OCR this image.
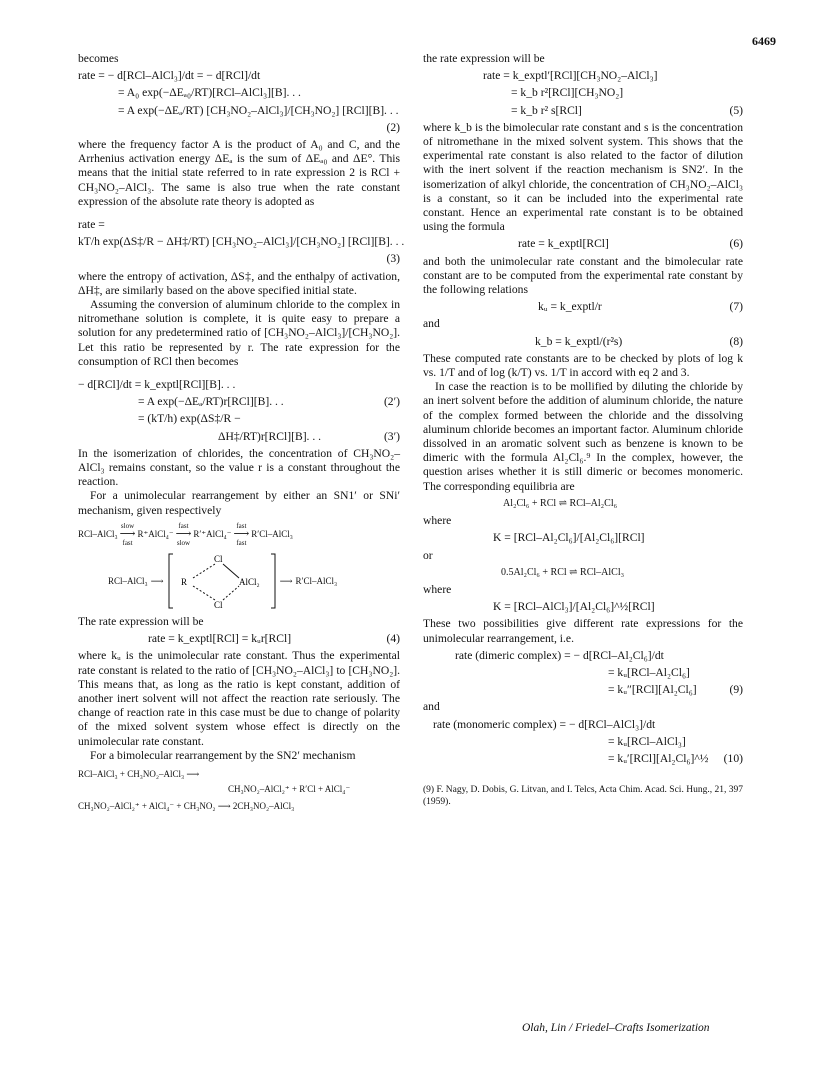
6469

becomes

rate = − d[RCl–AlCl₃]/dt = − d[RCl]/dt
= A₀ exp(−ΔEₐ₀/RT)[RCl–AlCl₃][B]. . .
= A exp(−ΔEₐ/RT) [CH₃NO₂–AlCl₃]/[CH₃NO₂] [RCl][B]. . .
(2)

where the frequency factor A is the product of A₀ and C, and the Arrhenius activation energy ΔEₐ is the sum of ΔEₐ₀ and ΔE°. This means that the initial state referred to in rate expression 2 is RCl + CH₃NO₂–AlCl₃. The same is also true when the rate constant expression of the absolute rate theory is adopted as

rate =
kT/h exp(ΔS‡/R − ΔH‡/RT) [CH₃NO₂–AlCl₃]/[CH₃NO₂] [RCl][B]. . .
(3)

where the entropy of activation, ΔS‡, and the enthalpy of activation, ΔH‡, are similarly based on the above specified initial state.

Assuming the conversion of aluminum chloride to the complex in nitromethane solution is complete, it is quite easy to prepare a solution for any predetermined ratio of [CH₃NO₂–AlCl₃]/[CH₃NO₂]. Let this ratio be represented by r. The rate expression for the consumption of RCl then becomes

− d[RCl]/dt = k_exptl[RCl][B]. . .
= A exp(−ΔEₐ/RT)r[RCl][B]. . .	(2′)
= (kT/h) exp(ΔS‡/R −
ΔH‡/RT)r[RCl][B]. . .	(3′)

In the isomerization of chlorides, the concentration of CH₃NO₂–AlCl₃ remains constant, so the value r is a constant throughout the reaction.

For a unimolecular rearrangement by either an SN1′ or SNi′ mechanism, given respectively

RCl–AlCl₃
slow
⟶
fast
R⁺AlCl₄⁻
fast
⟶
slow
R′⁺AlCl₄⁻
fast
⟶
fast
R′Cl–AlCl₃
RCl–AlCl₃ ⟶
Cl
R	AlCl₂
Cl
⟶ R′Cl–AlCl₃

The rate expression will be

rate = k_exptl[RCl] = kᵤr[RCl]	(4)

where kᵤ is the unimolecular rate constant. Thus the experimental rate constant is related to the ratio of [CH₃NO₂–AlCl₃] to [CH₃NO₂]. This means that, as long as the ratio is kept constant, addition of another inert solvent will not affect the reaction rate seriously. The change of reaction rate in this case must be due to change of polarity of the mixed solvent system whose effect is directly on the unimolecular rate constant.

For a bimolecular rearrangement by the SN2′ mechanism

RCl–AlCl₃ + CH₃NO₂–AlCl₃ ⟶
CH₃NO₂–AlCl₂⁺ + R′Cl + AlCl₄⁻
CH₃NO₂–AlCl₂⁺ + AlCl₄⁻ + CH₃NO₂ ⟶ 2CH₃NO₂–AlCl₃

the rate expression will be

rate = k_exptl′[RCl][CH₃NO₂–AlCl₃]
= k_b r²[RCl][CH₃NO₂]
= k_b r² s[RCl]	(5)

where k_b is the bimolecular rate constant and s is the concentration of nitromethane in the mixed solvent system. This shows that the experimental rate constant is also related to the factor of dilution with the inert solvent if the reaction mechanism is SN2′. In the isomerization of alkyl chloride, the concentration of CH₃NO₂–AlCl₃ is a constant, so it can be included into the experimental rate constant. Hence an experimental rate constant is to be obtained using the formula

rate = k_exptl[RCl]	(6)

and both the unimolecular rate constant and the bimolecular rate constant are to be computed from the experimental rate constant by the following relations

kᵤ = k_exptl/r	(7)

and

k_b = k_exptl/(r²s)	(8)

These computed rate constants are to be checked by plots of log k vs. 1/T and of log (k/T) vs. 1/T in accord with eq 2 and 3.

In case the reaction is to be mollified by diluting the chloride by an inert solvent before the addition of aluminum chloride, the nature of the complex formed between the chloride and the dissolving aluminum chloride becomes an important factor. Aluminum chloride dissolved in an aromatic solvent such as benzene is known to be dimeric with the formula Al₂Cl₆.⁹ In the complex, however, the question arises whether it is still dimeric or becomes monomeric. The corresponding equilibria are

Al₂Cl₆ + RCl ⇌ RCl–Al₂Cl₆

where

K = [RCl–Al₂Cl₆]/[Al₂Cl₆][RCl]

or

0.5Al₂Cl₆ + RCl ⇌ RCl–AlCl₃

where

K = [RCl–AlCl₃]/[Al₂Cl₆]^½[RCl]

These two possibilities give different rate expressions for the unimolecular rearrangement, i.e.

rate (dimeric complex) = − d[RCl–Al₂Cl₆]/dt
= kᵤ[RCl–Al₂Cl₆]
= kᵤ″[RCl][Al₂Cl₆]	(9)

and

rate (monomeric complex) = − d[RCl–AlCl₃]/dt
= kᵤ[RCl–AlCl₃]
= kᵤ′[RCl][Al₂Cl₆]^½ (10)

(9) F. Nagy, D. Dobis, G. Litvan, and I. Telcs, Acta Chim. Acad. Sci. Hung., 21, 397 (1959).

Olah, Lin / Friedel–Crafts Isomerization
